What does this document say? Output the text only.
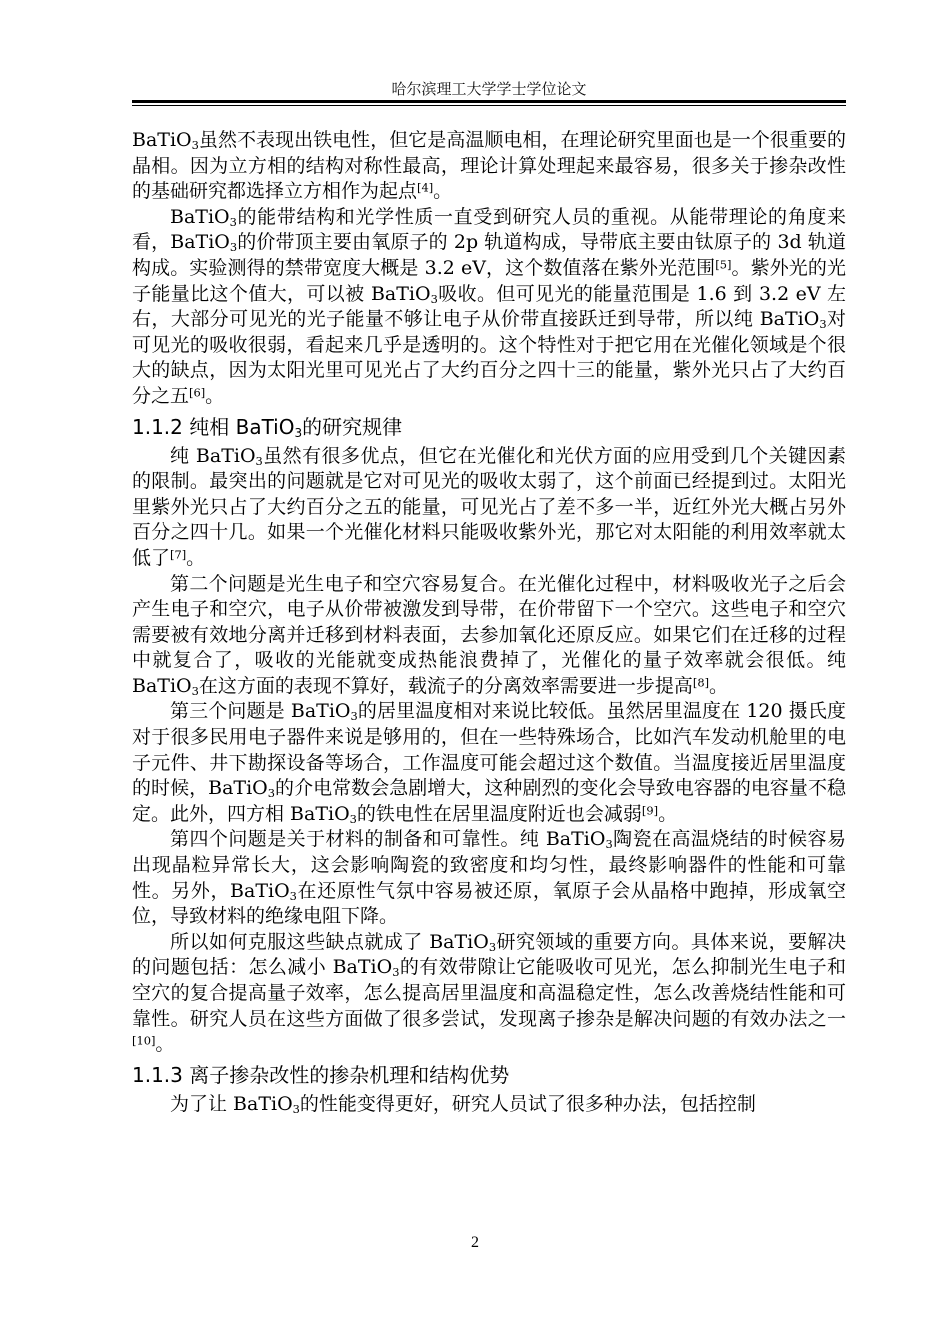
哈尔滨理工大学学士学位论文

BaTiO$_3$虽然不表现出铁电性，但它是高温顺电相，在理论研究里面也是一个很重要的晶相。因为立方相的结构对称性最高，理论计算处理起来最容易，很多关于掺杂改性的基础研究都选择立方相作为起点[4]。

BaTiO$_3$的能带结构和光学性质一直受到研究人员的重视。从能带理论的角度来看，BaTiO$_3$的价带顶主要由氧原子的 2p 轨道构成，导带底主要由钛原子的 3d 轨道构成。实验测得的禁带宽度大概是 3.2 eV，这个数值落在紫外光范围[5]。紫外光的光子能量比这个值大，可以被 BaTiO$_3$吸收。但可见光的能量范围是 1.6 到 3.2 eV 左右，大部分可见光的光子能量不够让电子从价带直接跃迁到导带，所以纯 BaTiO$_3$对可见光的吸收很弱，看起来几乎是透明的。这个特性对于把它用在光催化领域是个很大的缺点，因为太阳光里可见光占了大约百分之四十三的能量，紫外光只占了大约百分之五[6]。

1.1.2 纯相 BaTiO$_3$的研究规律

纯 BaTiO$_3$虽然有很多优点，但它在光催化和光伏方面的应用受到几个关键因素的限制。最突出的问题就是它对可见光的吸收太弱了，这个前面已经提到过。太阳光里紫外光只占了大约百分之五的能量，可见光占了差不多一半，近红外光大概占另外百分之四十几。如果一个光催化材料只能吸收紫外光，那它对太阳能的利用效率就太低了[7]。

第二个问题是光生电子和空穴容易复合。在光催化过程中，材料吸收光子之后会产生电子和空穴，电子从价带被激发到导带，在价带留下一个空穴。这些电子和空穴需要被有效地分离并迁移到材料表面，去参加氧化还原反应。如果它们在迁移的过程中就复合了，吸收的光能就变成热能浪费掉了，光催化的量子效率就会很低。纯 BaTiO$_3$在这方面的表现不算好，载流子的分离效率需要进一步提高[8]。

第三个问题是 BaTiO$_3$的居里温度相对来说比较低。虽然居里温度在 120 摄氏度对于很多民用电子器件来说是够用的，但在一些特殊场合，比如汽车发动机舱里的电子元件、井下勘探设备等场合，工作温度可能会超过这个数值。当温度接近居里温度的时候，BaTiO$_3$的介电常数会急剧增大，这种剧烈的变化会导致电容器的电容量不稳定。此外，四方相 BaTiO$_3$的铁电性在居里温度附近也会减弱[9]。

第四个问题是关于材料的制备和可靠性。纯 BaTiO$_3$陶瓷在高温烧结的时候容易出现晶粒异常长大，这会影响陶瓷的致密度和均匀性，最终影响器件的性能和可靠性。另外，BaTiO$_3$在还原性气氛中容易被还原，氧原子会从晶格中跑掉，形成氧空位，导致材料的绝缘电阻下降。

所以如何克服这些缺点就成了 BaTiO$_3$研究领域的重要方向。具体来说，要解决的问题包括：怎么减小 BaTiO$_3$的有效带隙让它能吸收可见光，怎么抑制光生电子和空穴的复合提高量子效率，怎么提高居里温度和高温稳定性，怎么改善烧结性能和可靠性。研究人员在这些方面做了很多尝试，发现离子掺杂是解决问题的有效办法之一[10]。

1.1.3 离子掺杂改性的掺杂机理和结构优势

为了让 BaTiO$_3$的性能变得更好，研究人员试了很多种办法，包括控制

2
